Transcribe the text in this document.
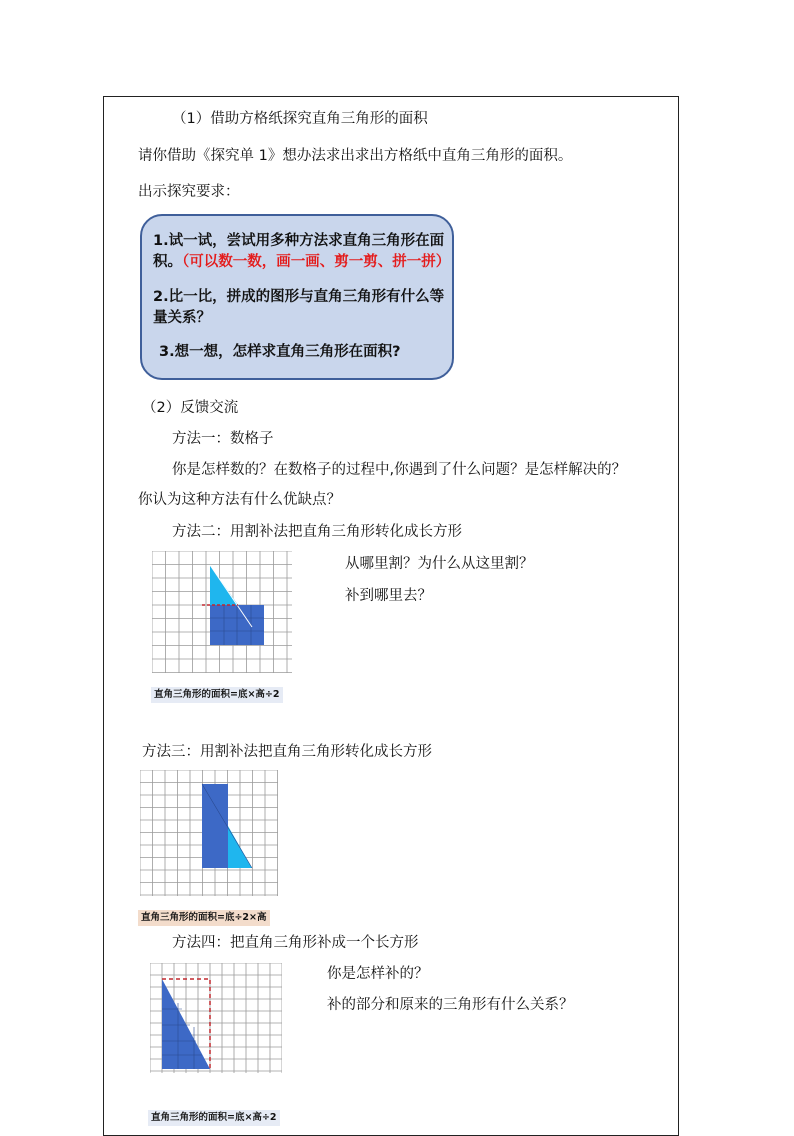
（1）借助方格纸探究直角三角形的面积
请你借助《探究单 1》想办法求出求出方格纸中直角三角形的面积。
出示探究要求：
1.试一试，尝试用多种方法求直角三角形在面
积。（可以数一数，画一画、剪一剪、拼一拼）
2.比一比，拼成的图形与直角三角形有什么等
量关系？
3.想一想，怎样求直角三角形在面积?
（2）反馈交流
方法一：数格子
你是怎样数的？在数格子的过程中,你遇到了什么问题？是怎样解决的？
你认为这种方法有什么优缺点？
方法二：用割补法把直角三角形转化成长方形
从哪里割？为什么从这里割？
补到哪里去？
直角三角形的面积=底×高÷2
方法三：用割补法把直角三角形转化成长方形
直角三角形的面积=底÷2×高
方法四：把直角三角形补成一个长方形
你是怎样补的？
补的部分和原来的三角形有什么关系？
直角三角形的面积=底×高÷2
